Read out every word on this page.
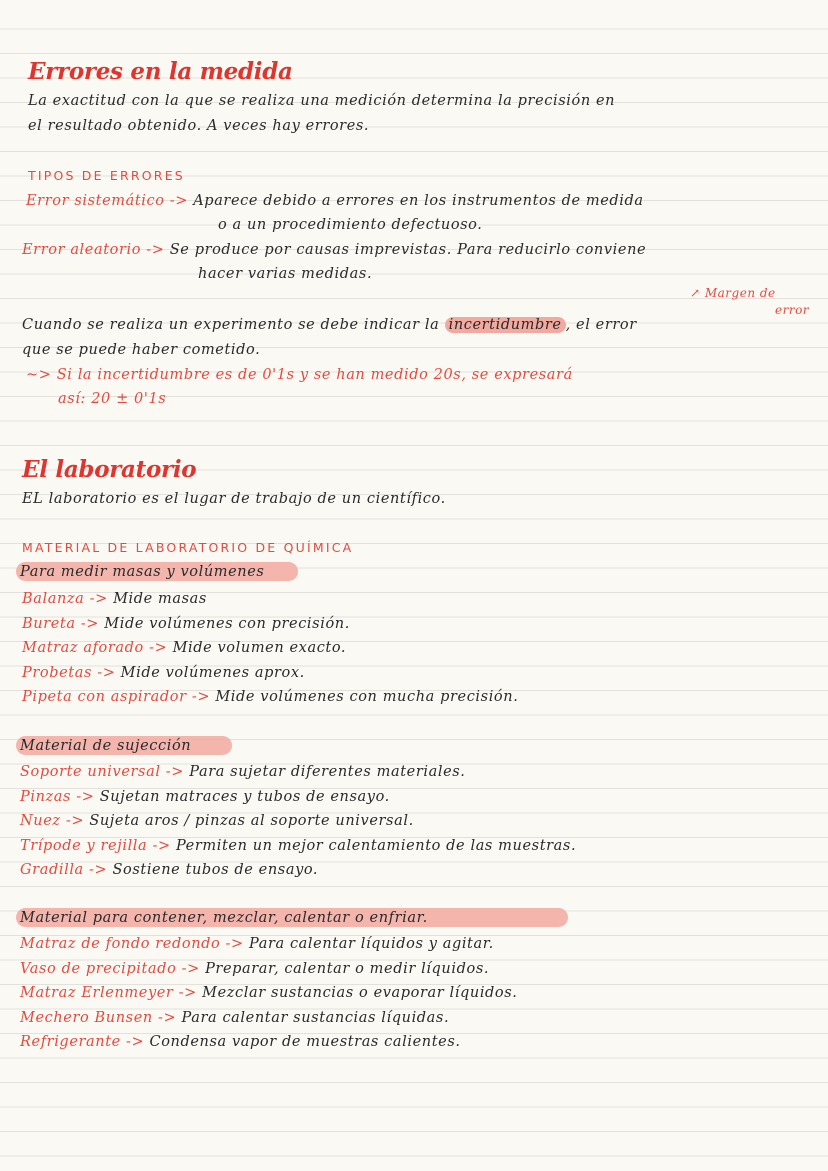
Errores en la medida

La exactitud con la que se realiza una medición determina la precisión en

el resultado obtenido. A veces hay errores.

TIPOS DE ERRORES

Error sistemático -> Aparece debido a errores en los instrumentos de medida

o a un procedimiento defectuoso.

Error aleatorio -> Se produce por causas imprevistas. Para reducirlo conviene

hacer varias medidas.

↗ Margen de

error

Cuando se realiza un experimento se debe indicar la incertidumbre , el error

que se puede haber cometido.

~> Si la incertidumbre es de 0'1s y se han medido 20s, se expresará

así: 20 ± 0'1s

El laboratorio

EL laboratorio es el lugar de trabajo de un científico.

MATERIAL DE LABORATORIO DE QUÍMICA

Para medir masas y volúmenes

Balanza -> Mide masas

Bureta -> Mide volúmenes con precisión.

Matraz aforado -> Mide volumen exacto.

Probetas -> Mide volúmenes aprox.

Pipeta con aspirador -> Mide volúmenes con mucha precisión.

Material de sujección

Soporte universal -> Para sujetar diferentes materiales.

Pinzas -> Sujetan matraces y tubos de ensayo.

Nuez -> Sujeta aros / pinzas al soporte universal.

Trípode y rejilla -> Permiten un mejor calentamiento de las muestras.

Gradilla -> Sostiene tubos de ensayo.

Material para contener, mezclar, calentar o enfriar.

Matraz de fondo redondo -> Para calentar líquidos y agitar.

Vaso de precipitado -> Preparar, calentar o medir líquidos.

Matraz Erlenmeyer -> Mezclar sustancias o evaporar líquidos.

Mechero Bunsen -> Para calentar sustancias líquidas.

Refrigerante -> Condensa vapor de muestras calientes.
